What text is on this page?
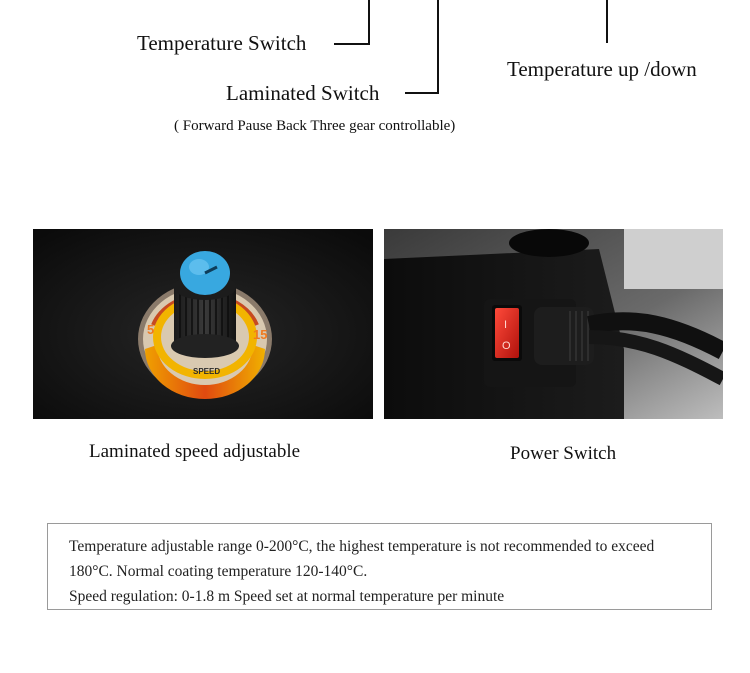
Temperature Switch
Laminated Switch
( Forward Pause Back Three gear controllable)
Temperature up /down
5	15
SPEED
I
O
Laminated speed adjustable	Power Switch

Temperature adjustable range 0-200°C, the highest temperature is not recommended to exceed 180°C. Normal coating temperature 120-140°C.

Speed regulation: 0-1.8 m Speed set at normal temperature per minute
